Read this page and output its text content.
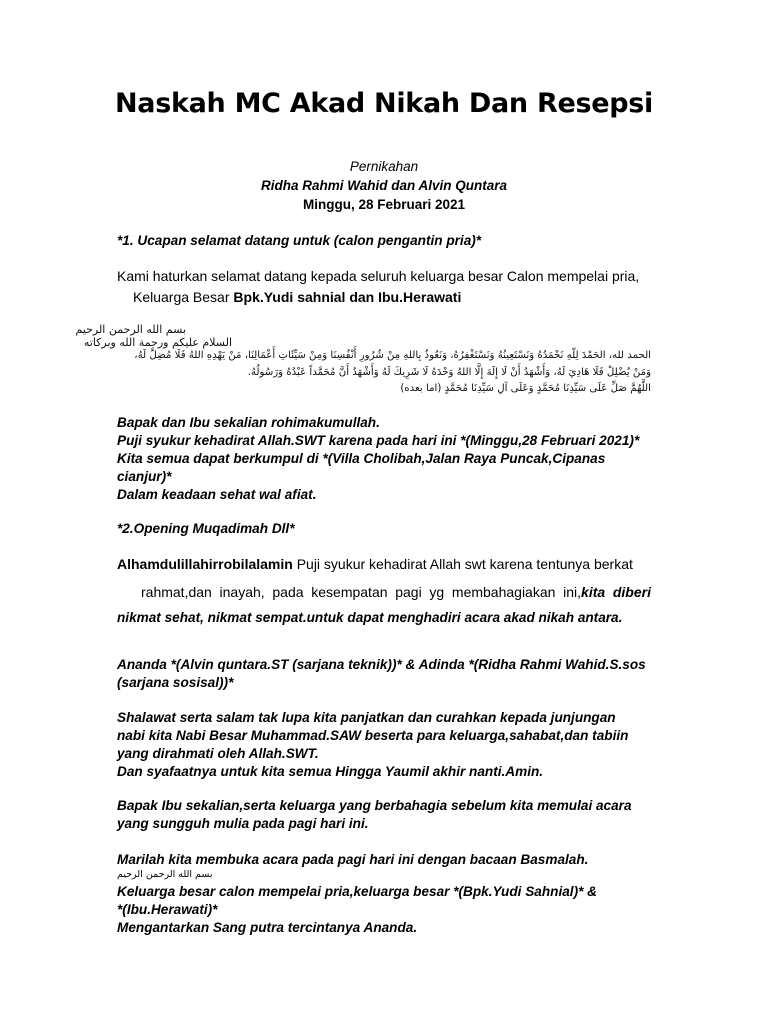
Naskah MC Akad Nikah Dan Resepsi
Pernikahan
Ridha Rahmi Wahid dan Alvin Quntara
Minggu, 28 Februari 2021
*1. Ucapan selamat datang untuk (calon pengantin pria)*
Kami haturkan selamat datang kepada seluruh keluarga besar Calon mempelai pria,
Keluarga Besar Bpk.Yudi sahnial dan Ibu.Herawati
بسم الله الرحمن الرحيم
السلام عليكم ورحمة الله وبركاته
الحمد لله، الحَمْدَ لِلّهِ نَحْمَدُهُ وَنَسْتَعِينُهُ وَنَسْتَغْفِرُهُ، وَنَعُوذُ بِاللهِ مِنْ شُرُورِ أَنْفُسِنَا وَمِنْ سَيِّئَاتِ أَعْمَالِنَا، مَنْ يَهْدِهِ اللهُ فَلَا مُضِلَّ لَهُ،
وَمَنْ يُضْلِلْ فَلَا هَادِيَ لَهُ، وَأَشْهَدُ أَنْ لَا إِلَهَ إِلَّا اللهُ وَحْدَهُ لَا شَرِيكَ لَهُ وَأَشْهَدُ أَنَّ مُحَمَّداً عَبْدُهُ وَرَسُولُهُ.
اللَّهُمَّ صَلِّ عَلَى سَيِّدِنَا مُحَمَّدٍ وَعَلَى آلِ سَيِّدِنَا مُحَمَّدٍ (اما بعده)
Bapak dan Ibu sekalian rohimakumullah.
Puji syukur kehadirat Allah.SWT karena pada hari ini *(Minggu,28 Februari 2021)*
Kita semua dapat berkumpul di *(Villa Cholibah,Jalan Raya Puncak,Cipanas
cianjur)*
Dalam keadaan sehat wal afiat.
*2.Opening Muqadimah Dll*
Alhamdulillahirrobilalamin Puji syukur kehadirat Allah swt karena tentunya berkat
rahmat,dan inayah, pada kesempatan pagi yg membahagiakan ini,kita diberi
nikmat sehat, nikmat sempat.untuk dapat menghadiri acara akad nikah antara.
Ananda *(Alvin quntara.ST (sarjana teknik))* & Adinda *(Ridha Rahmi Wahid.S.sos
(sarjana sosisal))*
Shalawat serta salam tak lupa kita panjatkan dan curahkan kepada junjungan
nabi kita Nabi Besar Muhammad.SAW beserta para keluarga,sahabat,dan tabiin
yang dirahmati oleh Allah.SWT.
Dan syafaatnya untuk kita semua Hingga Yaumil akhir nanti.Amin.
Bapak Ibu sekalian,serta keluarga yang berbahagia sebelum kita memulai acara
yang sungguh mulia pada pagi hari ini.
Marilah kita membuka acara pada pagi hari ini dengan bacaan Basmalah.
بسم الله الرحمن الرحيم
Keluarga besar calon mempelai pria,keluarga besar *(Bpk.Yudi Sahnial)* &
*(Ibu.Herawati)*
Mengantarkan Sang putra tercintanya Ananda.
